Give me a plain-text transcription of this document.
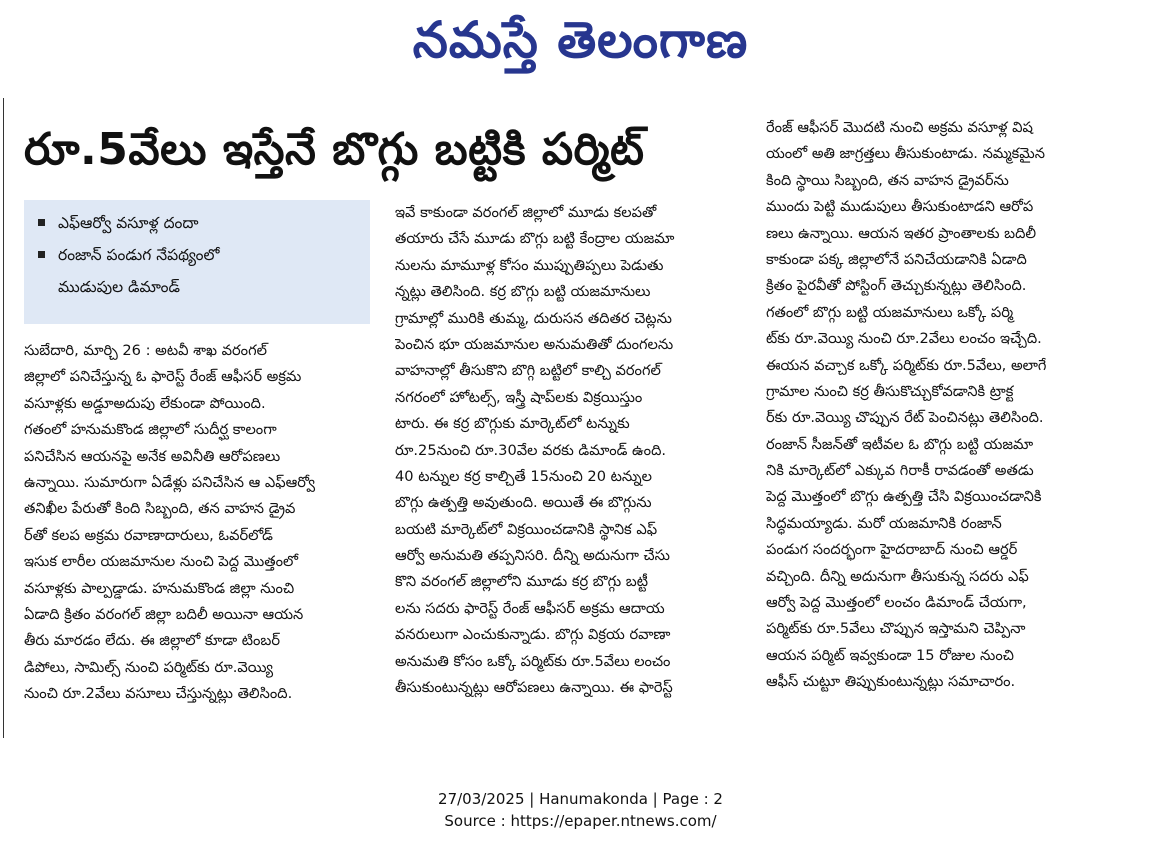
నమస్తే తెలంగాణ
రూ.5వేలు ఇస్తేనే బొగ్గు బట్టికి పర్మిట్
ఎఫ్‌ఆర్వో వసూళ్ల దందా
రంజాన్ పండుగ నేపథ్యంలో
ముడుపుల డిమాండ్
సుబేదారి, మార్చి 26 : అటవీ శాఖ వరంగల్
జిల్లాలో పనిచేస్తున్న ఓ ఫారెస్ట్ రేంజ్ ఆఫీసర్ అక్రమ
వసూళ్లకు అడ్డూఅదుపు లేకుండా పోయింది.
గతంలో హనుమకొండ జిల్లాలో సుదీర్ఘ కాలంగా
పనిచేసిన ఆయనపై అనేక అవినీతి ఆరోపణలు
ఉన్నాయి. సుమారుగా ఏడేళ్లు పనిచేసిన ఆ ఎఫ్‌ఆర్వో
తనిఖీల పేరుతో కింది సిబ్బంది, తన వాహన డ్రైవ
ర్‌తో కలప అక్రమ రవాణాదారులు, ఓవర్‌లోడ్
ఇసుక లారీల యజమానుల నుంచి పెద్ద మొత్తంలో
వసూళ్లకు పాల్పడ్డాడు. హనుమకొండ జిల్లా నుంచి
ఏడాది క్రితం వరంగల్ జిల్లా బదిలీ అయినా ఆయన
తీరు మారడం లేదు. ఈ జిల్లాలో కూడా టింబర్
డిపోలు, సామిల్స్ నుంచి పర్మిట్‌కు రూ.వెయ్యి
నుంచి రూ.2వేలు వసూలు చేస్తున్నట్లు తెలిసింది.
ఇవే కాకుండా వరంగల్ జిల్లాలో మూడు కలపతో
తయారు చేసే మూడు బొగ్గు బట్టి కేంద్రాల యజమా
నులను మామూళ్ల కోసం ముప్పుతిప్పలు పెడుతు
న్నట్లు తెలిసింది. కర్ర బొగ్గు బట్టి యజమానులు
గ్రామాల్లో మురికి తుమ్మ, దురుసన తదితర చెట్లను
పెంచిన భూ యజమానుల అనుమతితో దుంగలను
వాహనాల్లో తీసుకొని బొగ్గి బట్టిలో కాల్చి వరంగల్
నగరంలో హోటల్స్, ఇస్త్రీ షాప్‌లకు విక్రయిస్తుం
టారు. ఈ కర్ర బొగ్గుకు మార్కెట్‌లో టన్నుకు
రూ.25నుంచి రూ.30వేల వరకు డిమాండ్ ఉంది.
40 టన్నుల కర్ర కాల్చితే 15నుంచి 20 టన్నుల
బొగ్గు ఉత్పత్తి అవుతుంది. అయితే ఈ బొగ్గును
బయటి మార్కెట్‌లో విక్రయించడానికి స్థానిక ఎఫ్
ఆర్వో అనుమతి తప్పనిసరి. దీన్ని అదునుగా చేసు
కొని వరంగల్ జిల్లాలోని మూడు కర్ర బొగ్గు బట్టీ
లను సదరు ఫారెస్ట్ రేంజ్ ఆఫీసర్ అక్రమ ఆదాయ
వనరులుగా ఎంచుకున్నాడు. బొగ్గు విక్రయ రవాణా
అనుమతి కోసం ఒక్కో పర్మిట్‌కు రూ.5వేలు లంచం
తీసుకుంటున్నట్లు ఆరోపణలు ఉన్నాయి. ఈ ఫారెస్ట్
రేంజ్ ఆఫీసర్ మొదటి నుంచి అక్రమ వసూళ్ల విష
యంలో అతి జాగ్రత్తలు తీసుకుంటాడు. నమ్మకమైన
కింది స్థాయి సిబ్బంది, తన వాహన డ్రైవర్‌ను
ముందు పెట్టి ముడుపులు తీసుకుంటాడని ఆరోప
ణలు ఉన్నాయి. ఆయన ఇతర ప్రాంతాలకు బదిలీ
కాకుండా పక్క జిల్లాలోనే పనిచేయడానికి ఏడాది
క్రితం పైరవీతో పోస్టింగ్ తెచ్చుకున్నట్లు తెలిసింది.
గతంలో బొగ్గు బట్టి యజమానులు ఒక్కో పర్మి
ట్‌కు రూ.వెయ్యి నుంచి రూ.2వేలు లంచం ఇచ్చేది.
ఈయన వచ్చాక ఒక్కో పర్మిట్‌కు రూ.5వేలు, అలాగే
గ్రామాల నుంచి కర్ర తీసుకొచ్చుకోవడానికి ట్రాక్ట
ర్‌కు రూ.వెయ్యి చొప్పున రేట్ పెంచినట్లు తెలిసింది.
రంజాన్ సీజన్‌తో ఇటీవల ఓ బొగ్గు బట్టి యజమా
నికి మార్కెట్‌లో ఎక్కువ గిరాకీ రావడంతో అతడు
పెద్ద మొత్తంలో బొగ్గు ఉత్పత్తి చేసి విక్రయించడానికి
సిద్ధమయ్యాడు. మరో యజమానికి రంజాన్
పండుగ సందర్భంగా హైదరాబాద్ నుంచి ఆర్డర్
వచ్చింది. దీన్ని అదునుగా తీసుకున్న సదరు ఎఫ్
ఆర్వో పెద్ద మొత్తంలో లంచం డిమాండ్ చేయగా,
పర్మిట్‌కు రూ.5వేలు చొప్పున ఇస్తామని చెప్పినా
ఆయన పర్మిట్ ఇవ్వకుండా 15 రోజుల నుంచి
ఆఫీస్ చుట్టూ తిప్పుకుంటున్నట్లు సమాచారం.
27/03/2025 | Hanumakonda | Page : 2
Source : https://epaper.ntnews.com/
